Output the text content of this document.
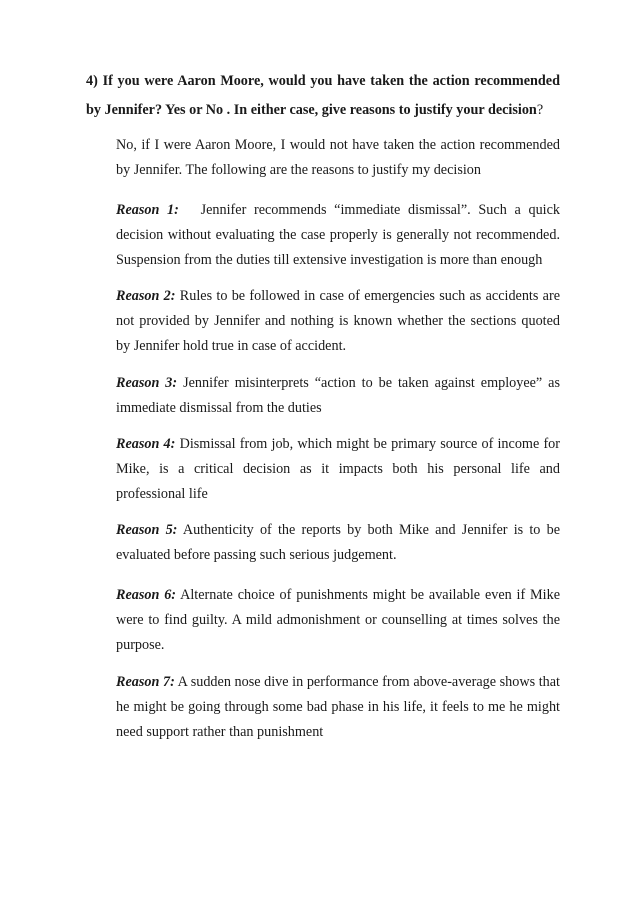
4) If you were Aaron Moore, would you have taken the action recommended by Jennifer? Yes or No . In either case, give reasons to justify your decision?

No, if I were Aaron Moore, I would not have taken the action recommended by Jennifer. The following are the reasons to justify my decision

Reason 1: Jennifer recommends “immediate dismissal”. Such a quick decision without evaluating the case properly is generally not recommended. Suspension from the duties till extensive investigation is more than enough

Reason 2: Rules to be followed in case of emergencies such as accidents are not provided by Jennifer and nothing is known whether the sections quoted by Jennifer hold true in case of accident.

Reason 3: Jennifer misinterprets “action to be taken against employee” as immediate dismissal from the duties

Reason 4: Dismissal from job, which might be primary source of income for Mike, is a critical decision as it impacts both his personal life and professional life

Reason 5: Authenticity of the reports by both Mike and Jennifer is to be evaluated before passing such serious judgement.

Reason 6: Alternate choice of punishments might be available even if Mike were to find guilty. A mild admonishment or counselling at times solves the purpose.

Reason 7: A sudden nose dive in performance from above-average shows that he might be going through some bad phase in his life, it feels to me he might need support rather than punishment
